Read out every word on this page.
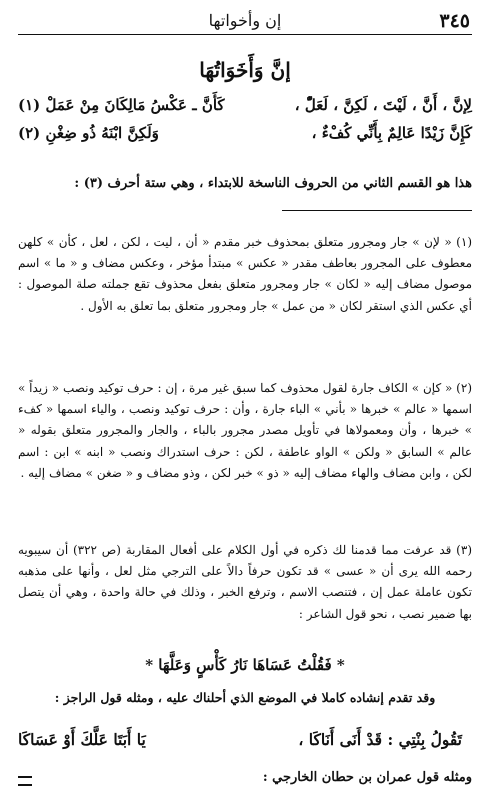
٣٤٥
إن وأخواتها
إنَّ وَأَخَوَاتُهَا
لِإنَّ ، أَنَّ ، لَيْتَ ، لَكِنَّ ، لَعَلّْ ،
كَأَنَّ ـ عَكْسُ مَالِكَانَ مِنْ عَمَلْ (١)
كَإِنَّ زَيْدًا عَالِمٌ بِأَنِّي كُفْءٌ ،
وَلَكِنَّ ابْنَهُ ذُو ضِغْنِ (٢)
هذا هو القسم الثاني من الحروف الناسخة للابتداء ، وهي ستة أحرف (٣) :
(١) « لإن » جار ومجرور متعلق بمحذوف خبر مقدم « أن ، ليت ، لكن ، لعل ، كأن » كلهن معطوف على المجرور بعاطف مقدر « عكس » مبتدأ مؤخر ، وعكس مضاف و « ما » اسم موصول مضاف إليه « لكان » جار ومجرور متعلق بفعل محذوف تقع جملته صلة الموصول : أي عكس الذي استقر لكان « من عمل » جار ومجرور متعلق بما تعلق به الأول .
(٢) « كإن » الكاف جارة لقول محذوف كما سبق غير مرة ، إن : حرف توكيد ونصب « زيداً » اسمها « عالم » خبرها « بأني » الباء جارة ، وأن : حرف توكيد ونصب ، والياء اسمها « كفء » خبرها ، وأن ومعمولاها في تأويل مصدر مجرور بالباء ، والجار والمجرور متعلق بقوله « عالم » السابق « ولكن » الواو عاطفة ، لكن : حرف استدراك ونصب « ابنه » ابن : اسم لكن ، وابن مضاف والهاء مضاف إليه « ذو » خبر لكن ، وذو مضاف و « ضغن » مضاف إليه .
(٣) قد عرفت مما قدمنا لك ذكره في أول الكلام على أفعال المقاربة (ص ٣٢٢) أن سيبويه رحمه الله يرى أن « عسى » قد تكون حرفاً دالاً على الترجي مثل لعل ، وأنها على مذهبه تكون عاملة عمل إن ، فتنصب الاسم ، وترفع الخبر ، وذلك في حالة واحدة ، وهي أن يتصل بها ضمير نصب ، نحو قول الشاعر :
* فَقُلْتُ عَسَاهَا نَارُ كَأْسٍ وَعَلَّهَا *
وقد تقدم إنشاده كاملا في الموضع الذي أحلناك عليه ، ومثله قول الراجز :
تَقُولُ بِنْتِي : قَدْ أَنَى أَنَاكَا ،
يَا أَبَتَا عَلَّكَ أَوْ عَسَاكَا
ومثله قول عمران بن حطان الخارجي :
